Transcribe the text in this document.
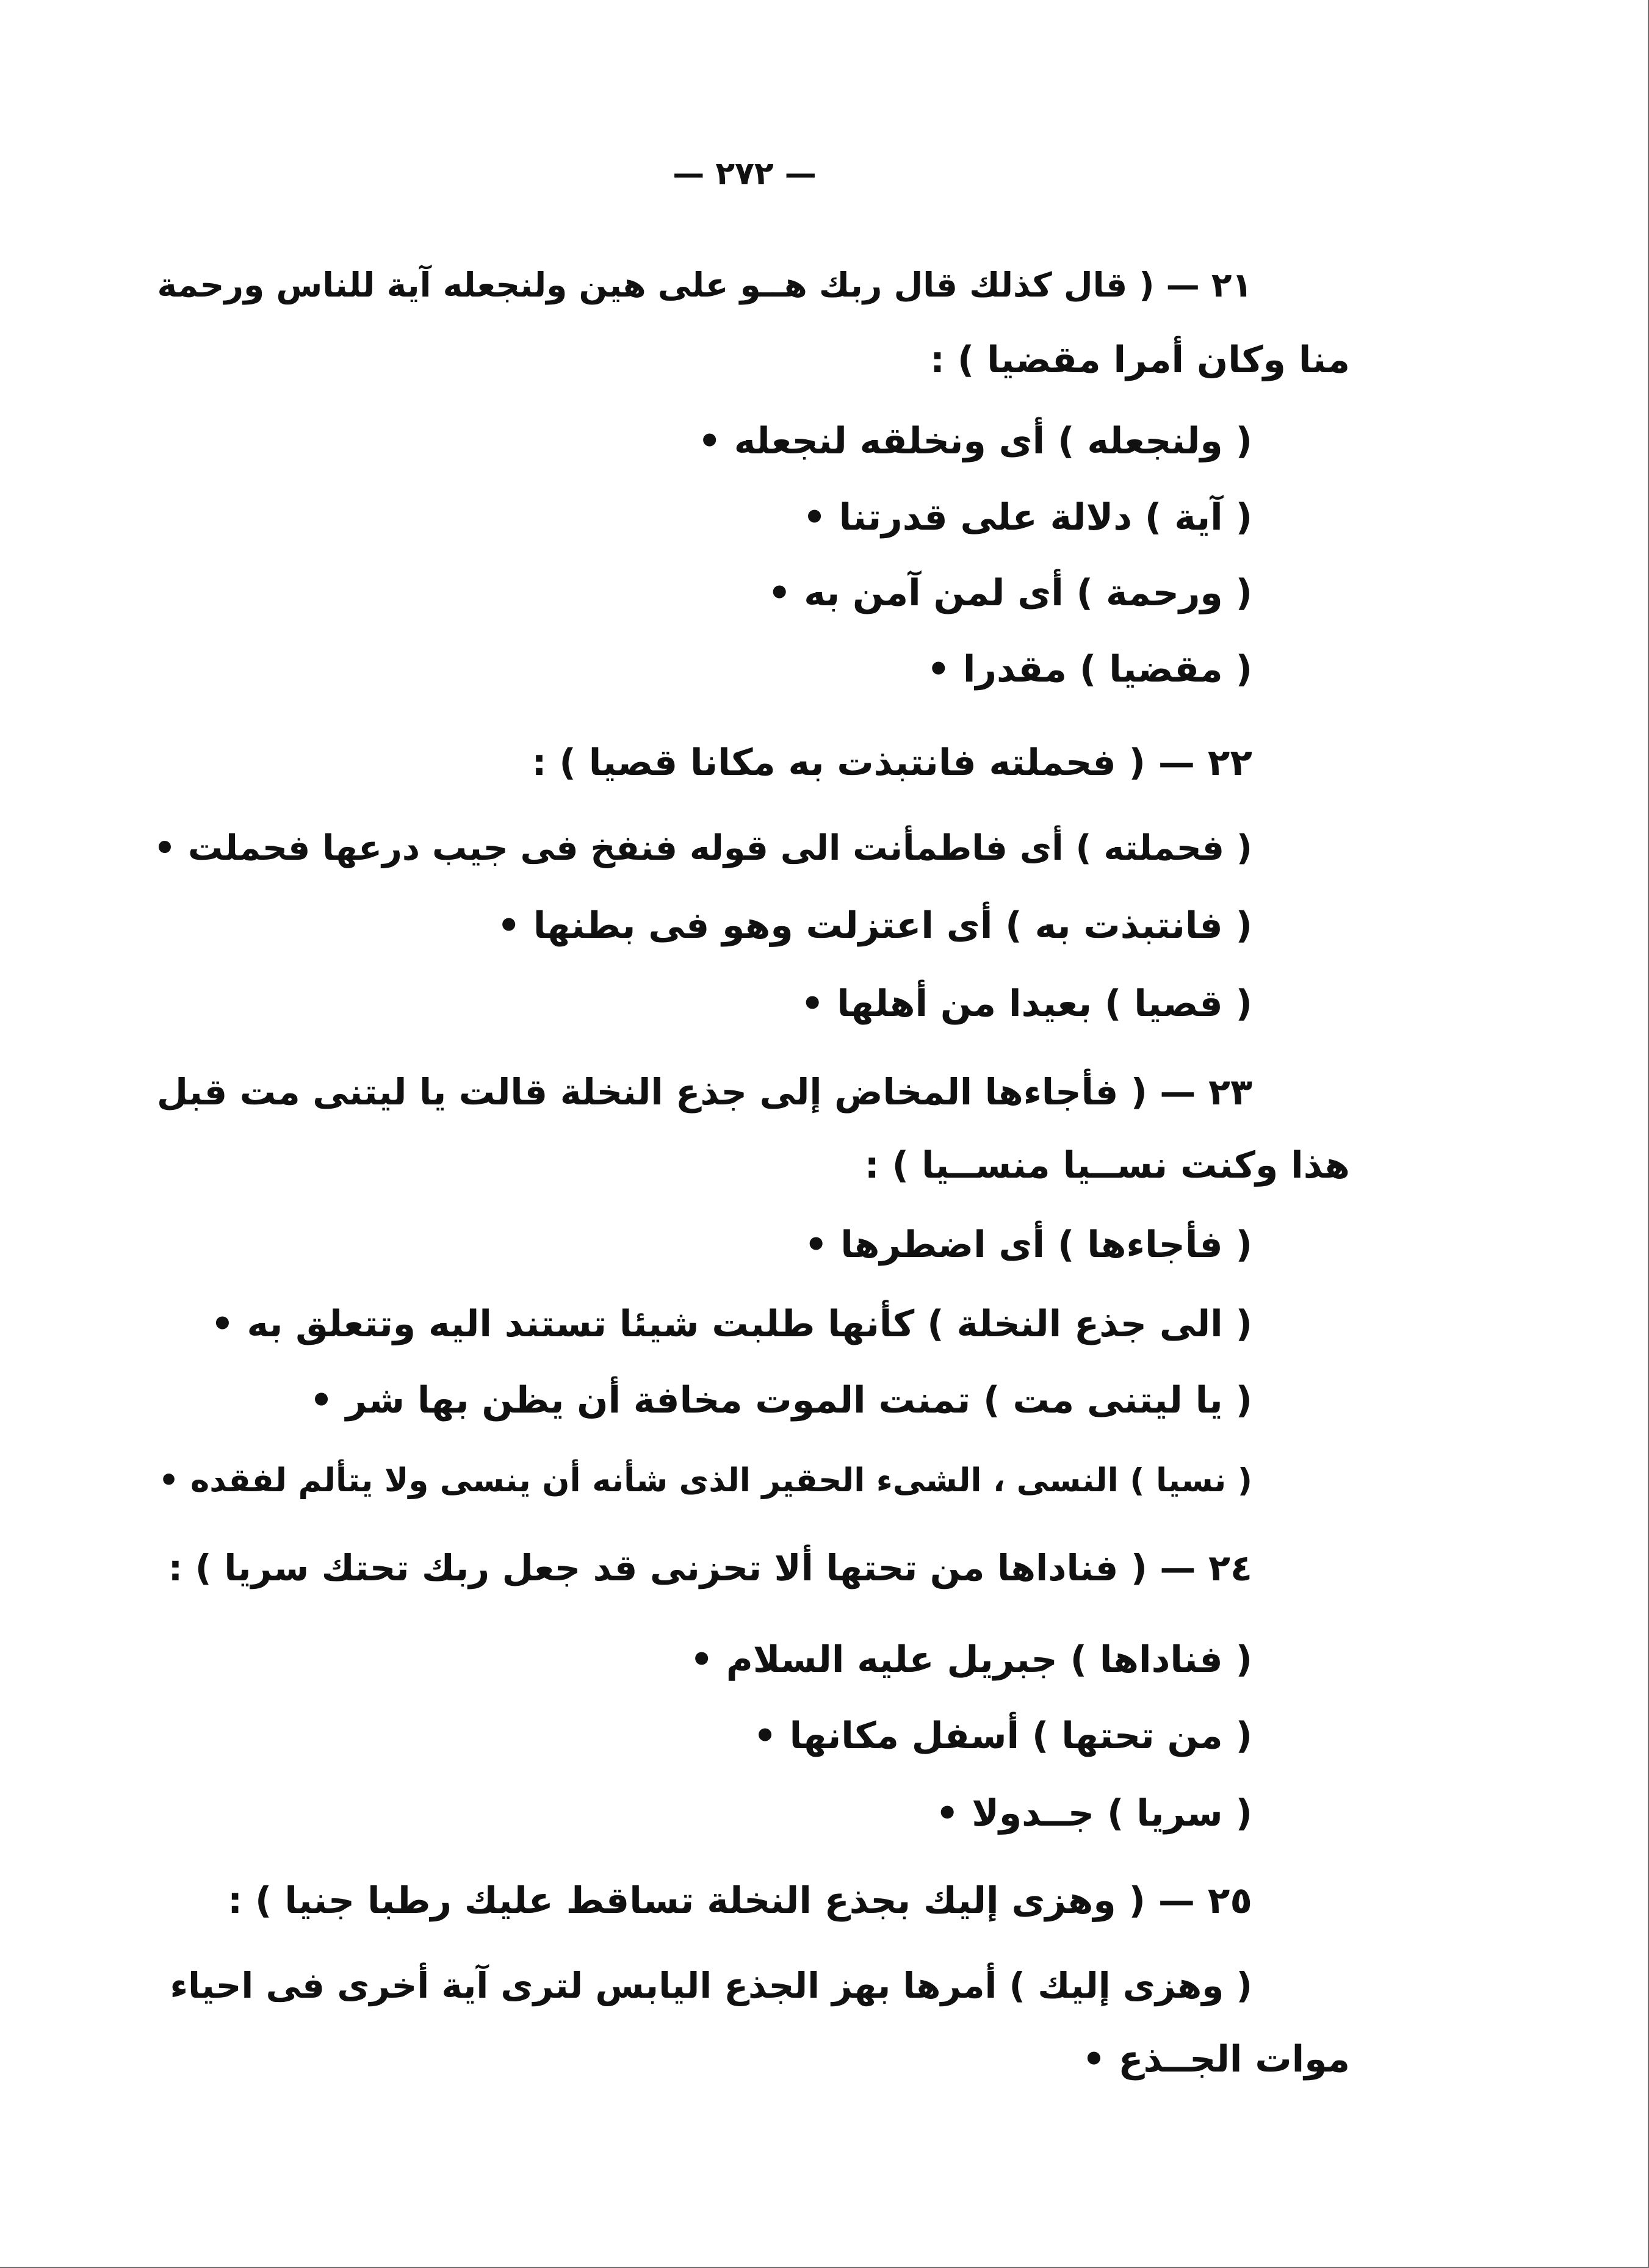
— ٢٧٢ —
٢١ — ( قال كذلك قال ربك هــو على هين ولنجعله آية للناس ورحمة
منا وكان أمرا مقضيا ) :
( ولنجعله ) أى ونخلقه لنجعله •
( آية ) دلالة على قدرتنا •
( ورحمة ) أى لمن آمن به •
( مقضيا ) مقدرا •
٢٢ — ( فحملته فانتبذت به مكانا قصيا ) :
( فحملته ) أى فاطمأنت الى قوله فنفخ فى جيب درعها فحملت •
( فانتبذت به ) أى اعتزلت وهو فى بطنها •
( قصيا ) بعيدا من أهلها •
٢٣ — ( فأجاءها المخاض إلى جذع النخلة قالت يا ليتنى مت قبل
هذا وكنت نســيا منســيا ) :
( فأجاءها ) أى اضطرها •
( الى جذع النخلة ) كأنها طلبت شيئا تستند اليه وتتعلق به •
( يا ليتنى مت ) تمنت الموت مخافة أن يظن بها شر •
( نسيا ) النسى ، الشىء الحقير الذى شأنه أن ينسى ولا يتألم لفقده •
٢٤ — ( فناداها من تحتها ألا تحزنى قد جعل ربك تحتك سريا ) :
( فناداها ) جبريل عليه السلام •
( من تحتها ) أسفل مكانها •
( سريا ) جــدولا •
٢٥ — ( وهزى إليك بجذع النخلة تساقط عليك رطبا جنيا ) :
( وهزى إليك ) أمرها بهز الجذع اليابس لترى آية أخرى فى احياء
موات الجــذع •
